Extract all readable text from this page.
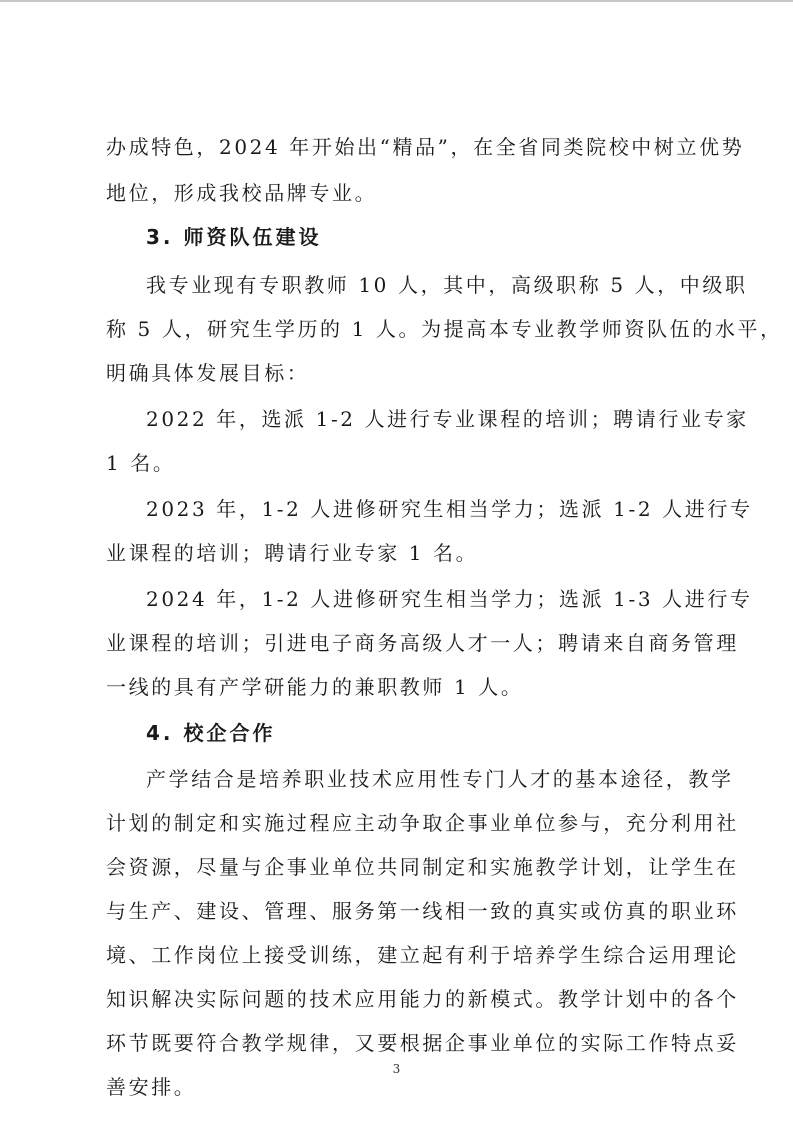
办成特色，2024 年开始出“精品”，在全省同类院校中树立优势
地位，形成我校品牌专业。
3. 师资队伍建设
我专业现有专职教师 10 人，其中，高级职称 5 人，中级职
称 5 人，研究生学历的 1 人。为提高本专业教学师资队伍的水平，
明确具体发展目标：
2022 年，选派 1-2 人进行专业课程的培训；聘请行业专家
1 名。
2023 年，1-2 人进修研究生相当学力；选派 1-2 人进行专
业课程的培训；聘请行业专家 1 名。
2024 年，1-2 人进修研究生相当学力；选派 1-3 人进行专
业课程的培训；引进电子商务高级人才一人；聘请来自商务管理
一线的具有产学研能力的兼职教师 1 人。
4. 校企合作
产学结合是培养职业技术应用性专门人才的基本途径，教学
计划的制定和实施过程应主动争取企事业单位参与，充分利用社
会资源，尽量与企事业单位共同制定和实施教学计划，让学生在
与生产、建设、管理、服务第一线相一致的真实或仿真的职业环
境、工作岗位上接受训练，建立起有利于培养学生综合运用理论
知识解决实际问题的技术应用能力的新模式。教学计划中的各个
环节既要符合教学规律，又要根据企事业单位的实际工作特点妥
善安排。
3
